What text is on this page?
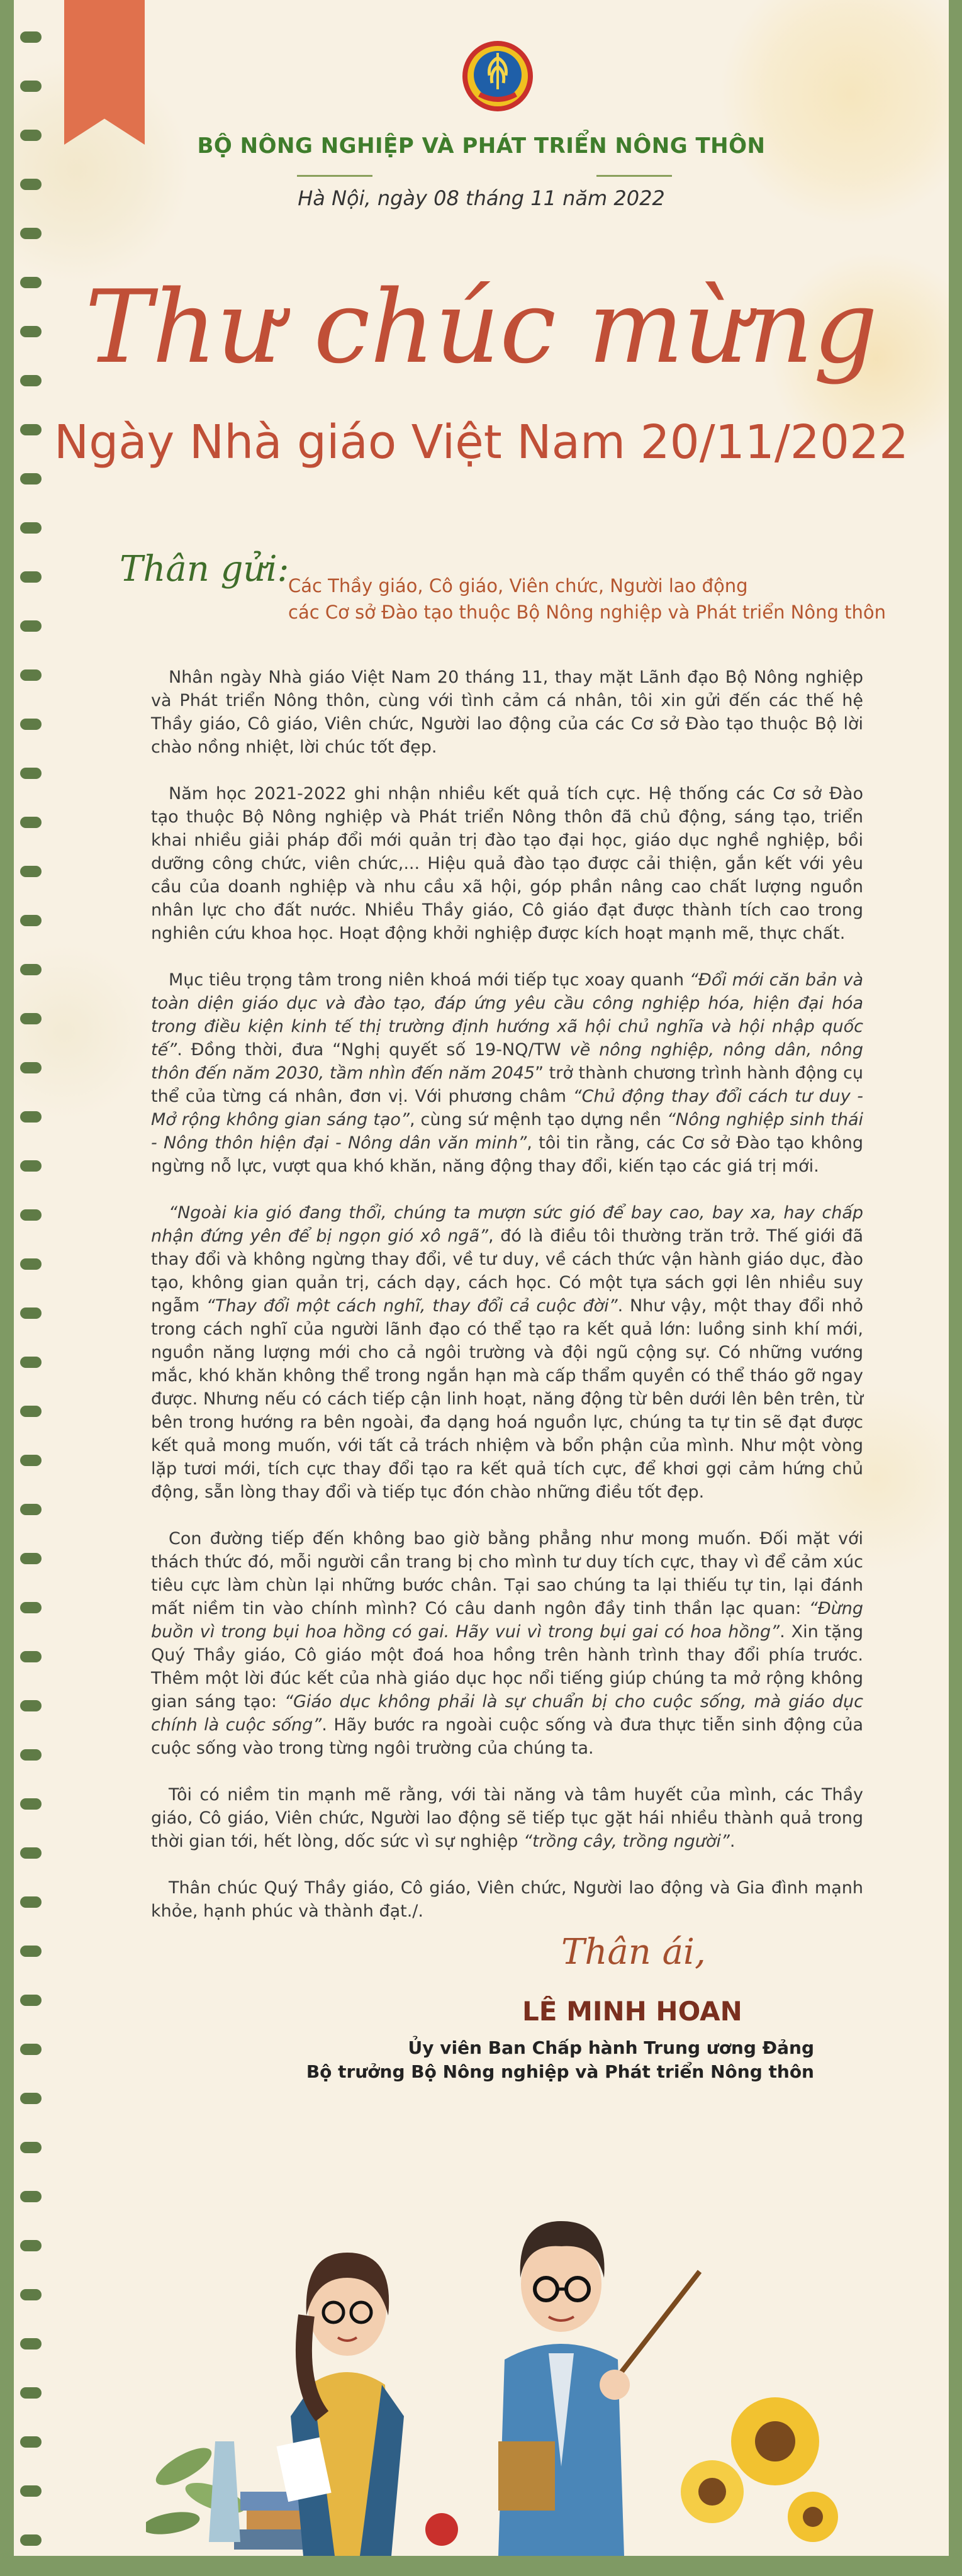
BỘ NÔNG NGHIỆP VÀ PHÁT TRIỂN NÔNG THÔN
Hà Nội, ngày 08 tháng 11 năm 2022
Thư chúc mừng
Ngày Nhà giáo Việt Nam 20/11/2022
Thân gửi:
Các Thầy giáo, Cô giáo, Viên chức, Người lao động
các Cơ sở Đào tạo thuộc Bộ Nông nghiệp và Phát triển Nông thôn

Nhân ngày Nhà giáo Việt Nam 20 tháng 11, thay mặt Lãnh đạo Bộ Nông nghiệp và Phát triển Nông thôn, cùng với tình cảm cá nhân, tôi xin gửi đến các thế hệ Thầy giáo, Cô giáo, Viên chức, Người lao động của các Cơ sở Đào tạo thuộc Bộ lời chào nồng nhiệt, lời chúc tốt đẹp.

Năm học 2021-2022 ghi nhận nhiều kết quả tích cực. Hệ thống các Cơ sở Đào tạo thuộc Bộ Nông nghiệp và Phát triển Nông thôn đã chủ động, sáng tạo, triển khai nhiều giải pháp đổi mới quản trị đào tạo đại học, giáo dục nghề nghiệp, bồi dưỡng công chức, viên chức,... Hiệu quả đào tạo được cải thiện, gắn kết với yêu cầu của doanh nghiệp và nhu cầu xã hội, góp phần nâng cao chất lượng nguồn nhân lực cho đất nước. Nhiều Thầy giáo, Cô giáo đạt được thành tích cao trong nghiên cứu khoa học. Hoạt động khởi nghiệp được kích hoạt mạnh mẽ, thực chất.

Mục tiêu trọng tâm trong niên khoá mới tiếp tục xoay quanh “Đổi mới căn bản và toàn diện giáo dục và đào tạo, đáp ứng yêu cầu công nghiệp hóa, hiện đại hóa trong điều kiện kinh tế thị trường định hướng xã hội chủ nghĩa và hội nhập quốc tế”. Đồng thời, đưa “Nghị quyết số 19-NQ/TW về nông nghiệp, nông dân, nông thôn đến năm 2030, tầm nhìn đến năm 2045” trở thành chương trình hành động cụ thể của từng cá nhân, đơn vị. Với phương châm “Chủ động thay đổi cách tư duy - Mở rộng không gian sáng tạo”, cùng sứ mệnh tạo dựng nền “Nông nghiệp sinh thái - Nông thôn hiện đại - Nông dân văn minh”, tôi tin rằng, các Cơ sở Đào tạo không ngừng nỗ lực, vượt qua khó khăn, năng động thay đổi, kiến tạo các giá trị mới.

“Ngoài kia gió đang thổi, chúng ta mượn sức gió để bay cao, bay xa, hay chấp nhận đứng yên để bị ngọn gió xô ngã”, đó là điều tôi thường trăn trở. Thế giới đã thay đổi và không ngừng thay đổi, về tư duy, về cách thức vận hành giáo dục, đào tạo, không gian quản trị, cách dạy, cách học. Có một tựa sách gợi lên nhiều suy ngẫm “Thay đổi một cách nghĩ, thay đổi cả cuộc đời”. Như vậy, một thay đổi nhỏ trong cách nghĩ của người lãnh đạo có thể tạo ra kết quả lớn: luồng sinh khí mới, nguồn năng lượng mới cho cả ngôi trường và đội ngũ cộng sự. Có những vướng mắc, khó khăn không thể trong ngắn hạn mà cấp thẩm quyền có thể tháo gỡ ngay được. Nhưng nếu có cách tiếp cận linh hoạt, năng động từ bên dưới lên bên trên, từ bên trong hướng ra bên ngoài, đa dạng hoá nguồn lực, chúng ta tự tin sẽ đạt được kết quả mong muốn, với tất cả trách nhiệm và bổn phận của mình. Như một vòng lặp tươi mới, tích cực thay đổi tạo ra kết quả tích cực, để khơi gợi cảm hứng chủ động, sẵn lòng thay đổi và tiếp tục đón chào những điều tốt đẹp.

Con đường tiếp đến không bao giờ bằng phẳng như mong muốn. Đối mặt với thách thức đó, mỗi người cần trang bị cho mình tư duy tích cực, thay vì để cảm xúc tiêu cực làm chùn lại những bước chân. Tại sao chúng ta lại thiếu tự tin, lại đánh mất niềm tin vào chính mình? Có câu danh ngôn đầy tinh thần lạc quan: “Đừng buồn vì trong bụi hoa hồng có gai. Hãy vui vì trong bụi gai có hoa hồng”. Xin tặng Quý Thầy giáo, Cô giáo một đoá hoa hồng trên hành trình thay đổi phía trước. Thêm một lời đúc kết của nhà giáo dục học nổi tiếng giúp chúng ta mở rộng không gian sáng tạo: “Giáo dục không phải là sự chuẩn bị cho cuộc sống, mà giáo dục chính là cuộc sống”. Hãy bước ra ngoài cuộc sống và đưa thực tiễn sinh động của cuộc sống vào trong từng ngôi trường của chúng ta.

Tôi có niềm tin mạnh mẽ rằng, với tài năng và tâm huyết của mình, các Thầy giáo, Cô giáo, Viên chức, Người lao động sẽ tiếp tục gặt hái nhiều thành quả trong thời gian tới, hết lòng, dốc sức vì sự nghiệp “trồng cây, trồng người”.

Thân chúc Quý Thầy giáo, Cô giáo, Viên chức, Người lao động và Gia đình mạnh khỏe, hạnh phúc và thành đạt./.

Thân ái,
LÊ MINH HOAN
Ủy viên Ban Chấp hành Trung ương Đảng
Bộ trưởng Bộ Nông nghiệp và Phát triển Nông thôn
